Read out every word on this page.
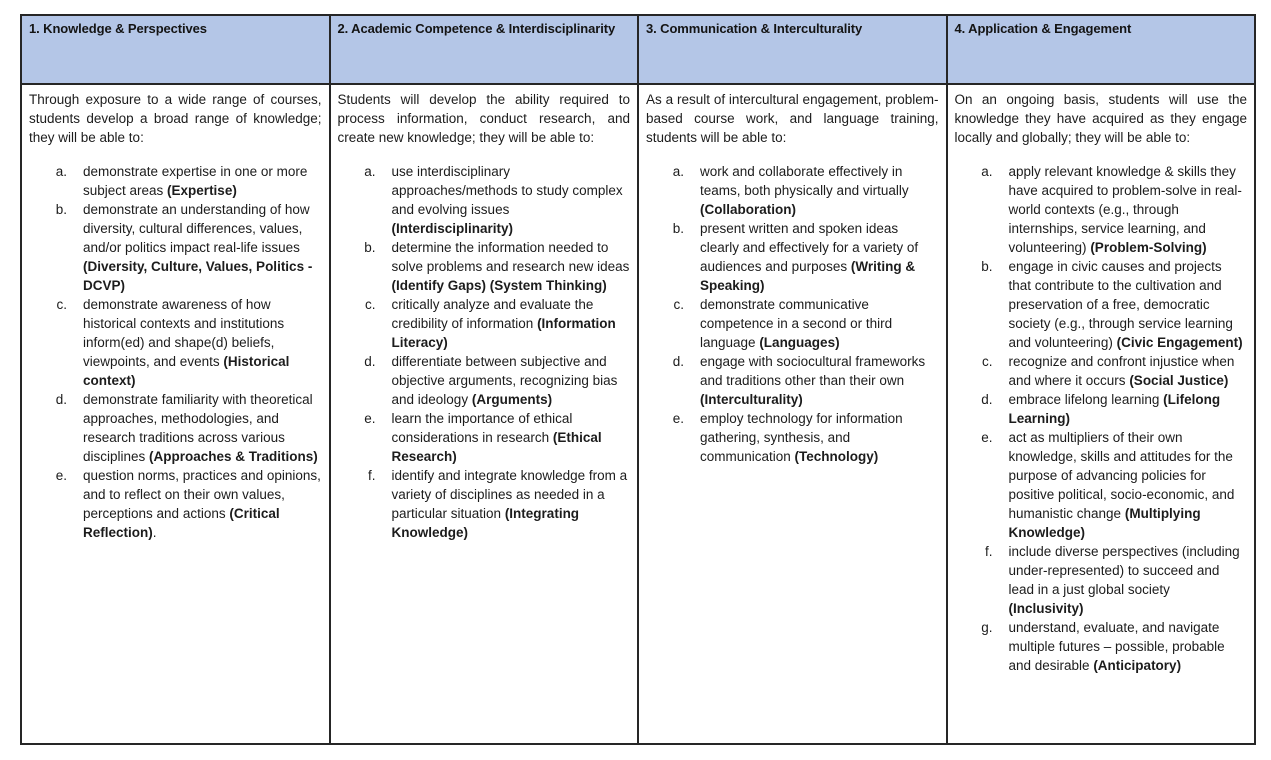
1. Knowledge & Perspectives

Through exposure to a wide range of courses, students develop a broad range of knowledge; they will be able to:

a. demonstrate expertise in one or more subject areas (Expertise)
b. demonstrate an understanding of how diversity, cultural differences, values, and/or politics impact real-life issues (Diversity, Culture, Values, Politics - DCVP)
c. demonstrate awareness of how historical contexts and institutions inform(ed) and shape(d) beliefs, viewpoints, and events (Historical context)
d. demonstrate familiarity with theoretical approaches, methodologies, and research traditions across various disciplines (Approaches & Traditions)
e. question norms, practices and opinions, and to reflect on their own values, perceptions and actions (Critical Reflection).
2. Academic Competence & Interdisciplinarity

Students will develop the ability required to process information, conduct research, and create new knowledge; they will be able to:

a. use interdisciplinary approaches/methods to study complex and evolving issues (Interdisciplinarity)
b. determine the information needed to solve problems and research new ideas (Identify Gaps) (System Thinking)
c. critically analyze and evaluate the credibility of information (Information Literacy)
d. differentiate between subjective and objective arguments, recognizing bias and ideology (Arguments)
e. learn the importance of ethical considerations in research (Ethical Research)
f. identify and integrate knowledge from a variety of disciplines as needed in a particular situation (Integrating Knowledge)
3. Communication & Interculturality

As a result of intercultural engagement, problem-based course work, and language training, students will be able to:

a. work and collaborate effectively in teams, both physically and virtually (Collaboration)
b. present written and spoken ideas clearly and effectively for a variety of audiences and purposes (Writing & Speaking)
c. demonstrate communicative competence in a second or third language (Languages)
d. engage with sociocultural frameworks and traditions other than their own (Interculturality)
e. employ technology for information gathering, synthesis, and communication (Technology)
4. Application & Engagement

On an ongoing basis, students will use the knowledge they have acquired as they engage locally and globally; they will be able to:

a. apply relevant knowledge & skills they have acquired to problem-solve in real-world contexts (e.g., through internships, service learning, and volunteering) (Problem-Solving)
b. engage in civic causes and projects that contribute to the cultivation and preservation of a free, democratic society (e.g., through service learning and volunteering) (Civic Engagement)
c. recognize and confront injustice when and where it occurs (Social Justice)
d. embrace lifelong learning (Lifelong Learning)
e. act as multipliers of their own knowledge, skills and attitudes for the purpose of advancing policies for positive political, socio-economic, and humanistic change (Multiplying Knowledge)
f. include diverse perspectives (including under-represented) to succeed and lead in a just global society (Inclusivity)
g. understand, evaluate, and navigate multiple futures – possible, probable and desirable (Anticipatory)
